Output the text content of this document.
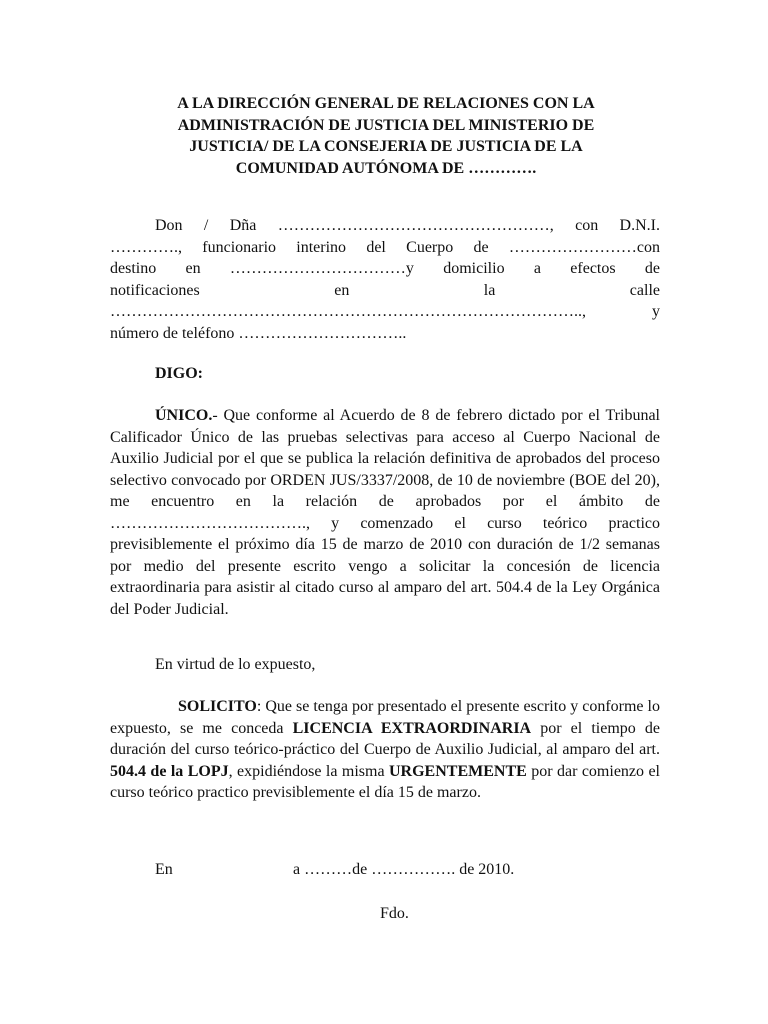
A LA DIRECCIÓN GENERAL DE RELACIONES CON LA
ADMINISTRACIÓN DE JUSTICIA DEL MINISTERIO DE
JUSTICIA/ DE LA CONSEJERIA DE JUSTICIA DE LA
COMUNIDAD AUTÓNOMA DE ………….
Don / Dña ……………………………………………, con D.N.I.
…………., funcionario interino del Cuerpo de ……………………con
destino en ……………………………y domicilio a efectos de
notificaciones en la calle
…………………………………………………………………………….., y
número de teléfono …………………………..
DIGO:
ÚNICO.- Que conforme al Acuerdo de 8 de febrero dictado por el Tribunal Calificador Único de las pruebas selectivas para acceso al Cuerpo Nacional de Auxilio Judicial por el que se publica la relación definitiva de aprobados del proceso selectivo convocado por ORDEN JUS/3337/2008, de 10 de noviembre (BOE del 20), me encuentro en la relación de aprobados por el ámbito de ………………………………., y comenzado el curso teórico practico previsiblemente el próximo día 15 de marzo de 2010 con duración de 1/2 semanas por medio del presente escrito vengo a solicitar la concesión de licencia extraordinaria para asistir al citado curso al amparo del art. 504.4 de la Ley Orgánica del Poder Judicial.
En virtud de lo expuesto,
SOLICITO: Que se tenga por presentado el presente escrito y conforme lo expuesto, se me conceda LICENCIA EXTRAORDINARIA por el tiempo de duración del curso teórico-práctico del Cuerpo de Auxilio Judicial, al amparo del art. 504.4 de la LOPJ, expidiéndose la misma URGENTEMENTE por dar comienzo el curso teórico practico previsiblemente el día 15 de marzo.
En	a ………de ……………. de 2010.
Fdo.
